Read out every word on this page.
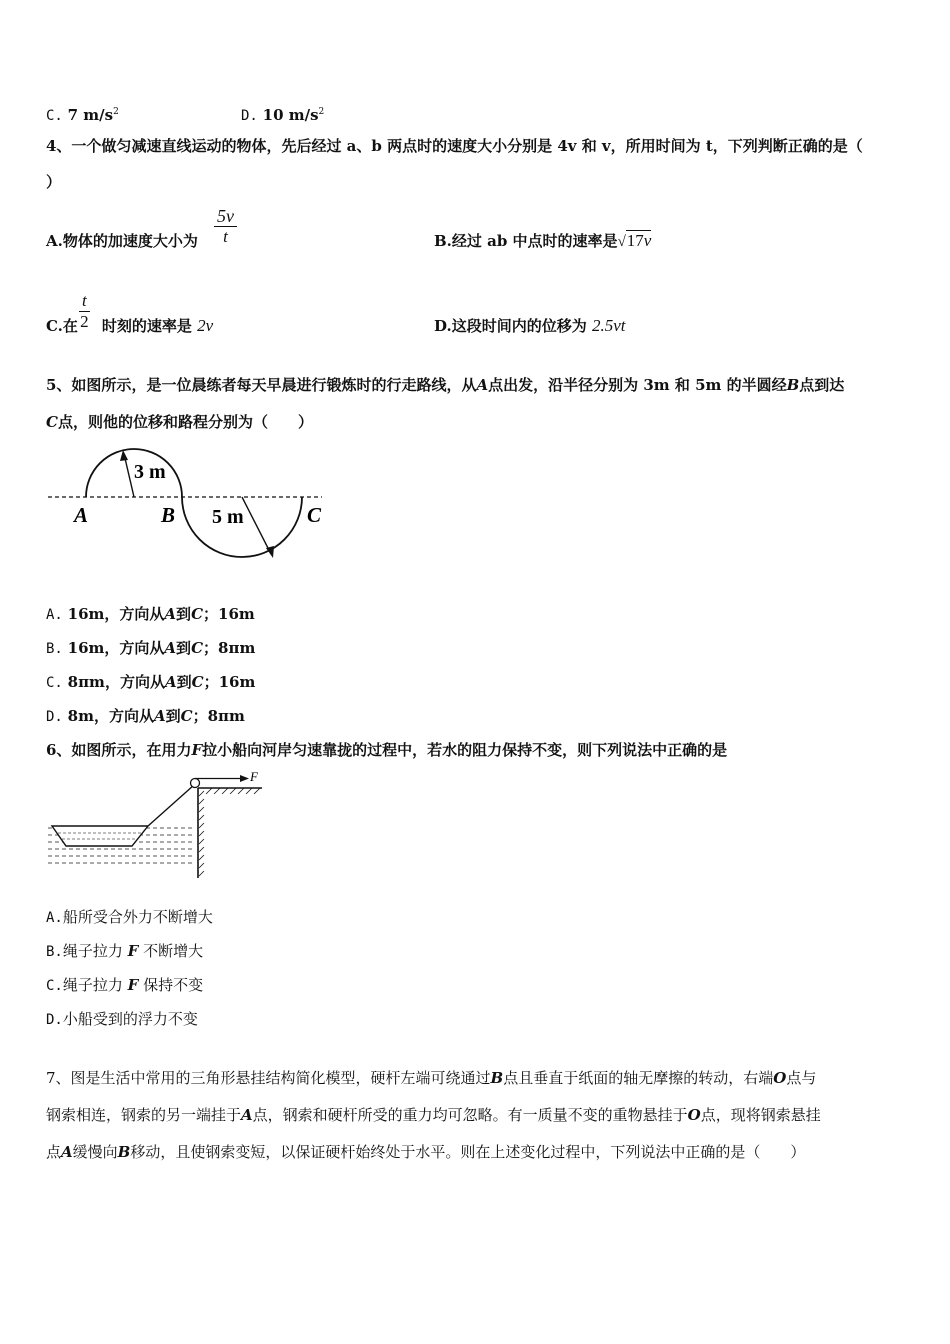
C. 7 $m/s^2$	D. 10 $m/s^2$
4、一个做匀减速直线运动的物体，先后经过 a、b 两点时的速度大小分别是 4v 和 v，所用时间为 t，下列判断正确的是（
）
A.物体的加速度大小为 $\frac{5v}{t}$	B.经过 ab 中点时的速率是√17v
$\frac{t}{2}$
C.在 时刻的速率是 2v	D.这段时间内的位移为 2.5vt
5、如图所示，是一位晨练者每天早晨进行锻炼时的行走路线，从A点出发，沿半径分别为 3m 和 5m 的半圆经B点到达
C点，则他的位移和路程分别为（　　）
3 m
5 m
A	B	C
A. 16m，方向从A到C；16m
B. 16m，方向从A到C；8πm
C. 8πm，方向从A到C；16m
D. 8m，方向从A到C；8πm
6、如图所示，在用力F拉小船向河岸匀速靠拢的过程中，若水的阻力保持不变，则下列说法中正确的是
F
A.船所受合外力不断增大
B.绳子拉力 F 不断增大
C.绳子拉力 F 保持不变
D.小船受到的浮力不变
7、图是生活中常用的三角形悬挂结构简化模型，硬杆左端可绕通过B点且垂直于纸面的轴无摩擦的转动，右端O点与
钢索相连，钢索的另一端挂于A点，钢索和硬杆所受的重力均可忽略。有一质量不变的重物悬挂于O点，现将钢索悬挂
点A缓慢向B移动，且使钢索变短，以保证硬杆始终处于水平。则在上述变化过程中，下列说法中正确的是（　　）
